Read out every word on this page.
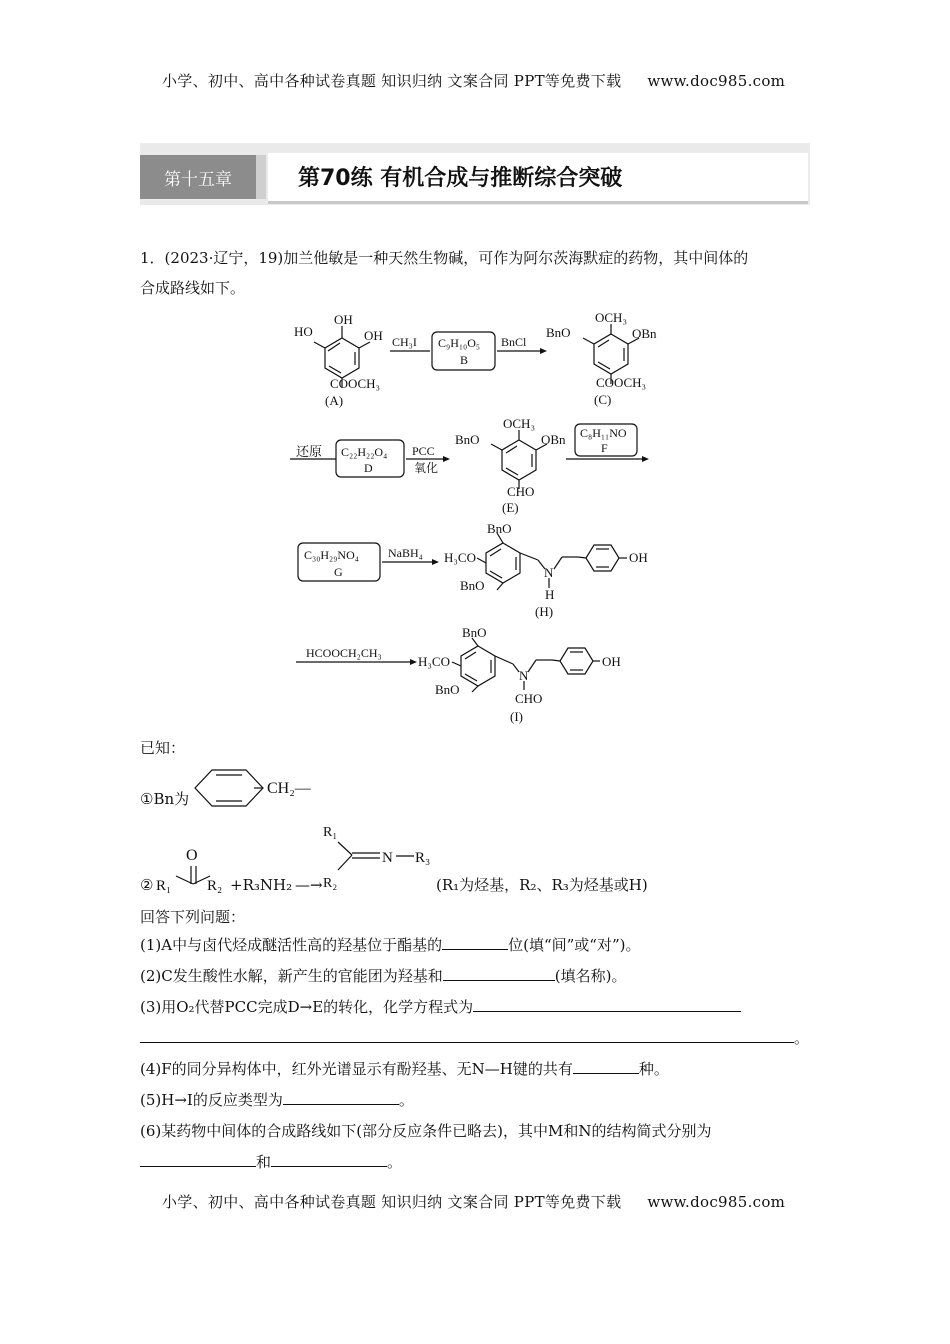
小学、初中、高中各种试卷真题 知识归纳 文案合同 PPT等免费下载 www.doc985.com
第十五章	第70练 有机合成与推断综合突破
1．(2023·辽宁，19)加兰他敏是一种天然生物碱，可作为阿尔茨海默症的药物，其中间体的
合成路线如下。
OH
HO	OH
COOCH₃
(A)
CH₃I C₉H₁₀O₅
B
BnCl
OCH₃
BnO	OBn
COOCH₃
(C)
还原 C₂₂H₂₂O₄
D
PCC
氧化
OCH₃
BnO	OBn
CHO
(E)
C₈H₁₁NO
F
C₃₀H₂₉NO₄
G
NaBH₄
BnO
H₃CO
BnO
N
H
OH
(H)
HCOOCH₂CH₃
BnO
H₃CO
BnO
N
CHO
OH
(I)
CH₂—
O
R₁ R₂
R₁
N R₃
R₂
已知：
①Bn为
②	+R₃NH₂ —→	(R₁为烃基，R₂、R₃为烃基或H)
回答下列问题：
(1)A中与卤代烃成醚活性高的羟基位于酯基的	位(填“间”或“对”)。
(2)C发生酸性水解，新产生的官能团为羟基和	(填名称)。
(3)用O₂代替PCC完成D→E的转化，化学方程式为
。
(4)F的同分异构体中，红外光谱显示有酚羟基、无N—H键的共有	种。
(5)H→I的反应类型为	。
(6)某药物中间体的合成路线如下(部分反应条件已略去)，其中M和N的结构简式分别为
和	。
小学、初中、高中各种试卷真题 知识归纳 文案合同 PPT等免费下载 www.doc985.com
